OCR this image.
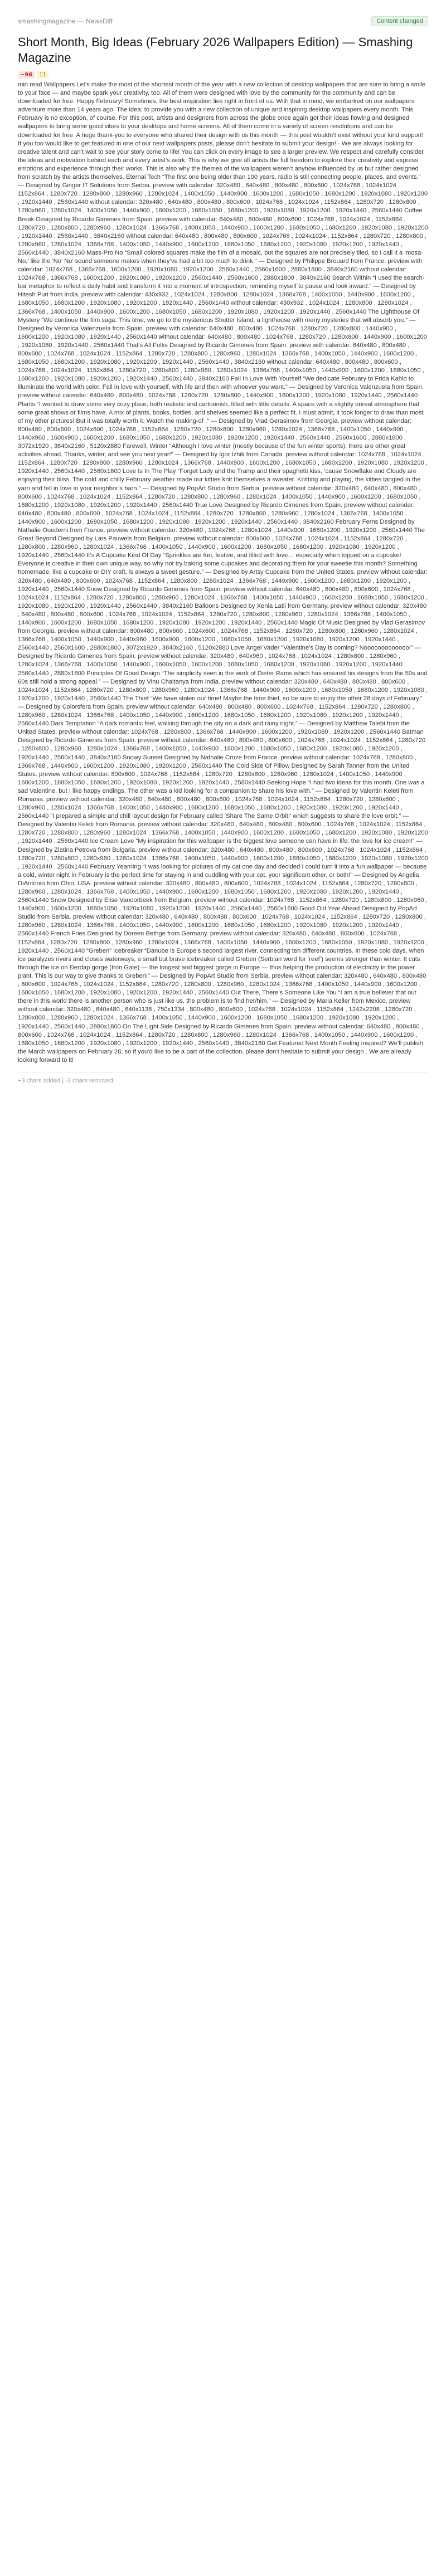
smashingmagazine — NewsDiff	Content changed
Short Month, Big Ideas (February 2026 Wallpapers Edition) — Smashing Magazine
−96	11

min read Wallpapers Let’s make the most of the shortest month of the year with a new collection of desktop wallpapers that are sure to bring a smile to your face — and maybe spark your creativity, too. All of them were designed with love by the community for the community and can be downloaded for free. Happy February! Sometimes, the best inspiration lies right in front of us. With that in mind, we embarked on our wallpapers adventure more than 14 years ago. The idea: to provide you with a new collection of unique and inspiring desktop wallpapers every month. This February is no exception, of course. For this post, artists and designers from across the globe once again got their ideas flowing and designed wallpapers to bring some good vibes to your desktops and home screens. All of them come in a variety of screen resolutions and can be downloaded for free. A huge thank-you to everyone who shared their design with us this month — this post wouldn’t exist without your kind support! If you too would like to get featured in one of our next wallpapers posts, please don’t hesitate to submit your design! · We are always looking for creative talent and can’t wait to see your story come to life! You can click on every image to see a larger preview. We respect and carefully consider the ideas and motivation behind each and every artist’s work. This is why we give all artists the full freedom to explore their creativity and express emotions and experience through their works. This is also why the themes of the wallpapers weren’t anyhow influenced by us but rather designed from scratch by the artists themselves. Eternal Tech “The first one being older than 100 years, radio is still connecting people, places, and events.” — Designed by Ginger IT Solutions from Serbia. preview with calendar: 320x480 , 640x480 , 800x480 , 800x600 , 1024x768 , 1024x1024 , 1152x864 , 1280x720 , 1280x800 , 1280x960 , 1280x1024 , 1400x1050 , 1440x900 , 1600x1200 , 1680x1050 , 1680x1200 , 1920x1080 , 1920x1200 , 1920x1440 , 2560x1440 without calendar: 320x480 , 640x480 , 800x480 , 800x600 , 1024x768 , 1024x1024 , 1152x864 , 1280x720 , 1280x800 , 1280x960 , 1280x1024 , 1400x1050 , 1440x900 , 1600x1200 , 1680x1050 , 1680x1200 , 1920x1080 , 1920x1200 , 1920x1440 , 2560x1440 Coffee Break Designed by Ricardo Gimenes from Spain. preview with calendar: 640x480 , 800x480 , 800x600 , 1024x768 , 1024x1024 , 1152x864 , 1280x720 , 1280x800 , 1280x960 , 1280x1024 , 1366x768 , 1400x1050 , 1440x900 , 1600x1200 , 1680x1050 , 1680x1200 , 1920x1080 , 1920x1200 , 1920x1440 , 2560x1440 , 3840x2160 without calendar: 640x480 , 800x480 , 800x600 , 1024x768 , 1024x1024 , 1152x864 , 1280x720 , 1280x800 , 1280x960 , 1280x1024 , 1366x768 , 1400x1050 , 1440x900 , 1600x1200 , 1680x1050 , 1680x1200 , 1920x1080 , 1920x1200 , 1920x1440 , 2560x1440 , 3840x2160 Mass-Pro No “Small colored squares make the film of a mosaic, but the squares are not precisely tiled, so I call it a ‘mosa-No,’ like the ‘No’ No’ sound someone makes when they’ve had a bit too much to drink.” — Designed by Philippe Brouard from France. preview with calendar: 1024x768 , 1366x768 , 1600x1200 , 1920x1080 , 1920x1200 , 2560x1440 , 2560x1600 , 2880x1800 , 3840x2160 without calendar: 1024x768 , 1366x768 , 1600x1200 , 1920x1080 , 1920x1200 , 2560x1440 , 2560x1600 , 2880x1800 , 3840x2160 Search Within “I used the search-bar metaphor to reflect a daily habit and transform it into a moment of introspection, reminding myself to pause and look inward.” — Designed by Hitesh Puri from India. preview with calendar: 430x932 , 1024x1024 , 1280x800 , 1280x1024 , 1366x768 , 1400x1050 , 1440x900 , 1600x1200 , 1680x1050 , 1680x1200 , 1920x1080 , 1920x1200 , 1920x1440 , 2560x1440 without calendar: 430x932 , 1024x1024 , 1280x800 , 1280x1024 , 1366x768 , 1400x1050 , 1440x900 , 1600x1200 , 1680x1050 , 1680x1200 , 1920x1080 , 1920x1200 , 1920x1440 , 2560x1440 The Lighthouse Of Mystery “We continue the film saga. This time, we go to the mysterious Shutter Island, a lighthouse with many mysteries that will absorb you.” — Designed by Veronica Valenzuela from Spain. preview with calendar: 640x480 , 800x480 , 1024x768 , 1280x720 , 1280x800 , 1440x900 , 1600x1200 , 1920x1080 , 1920x1440 , 2560x1440 without calendar: 640x480 , 800x480 , 1024x768 , 1280x720 , 1280x800 , 1440x900 , 1600x1200 , 1920x1080 , 1920x1440 , 2560x1440 That’s All Folks Designed by Ricardo Gimenes from Spain. preview with calendar: 640x480 , 800x480 , 800x600 , 1024x768 , 1024x1024 , 1152x864 , 1280x720 , 1280x800 , 1280x960 , 1280x1024 , 1366x768 , 1400x1050 , 1440x900 , 1600x1200 , 1680x1050 , 1680x1200 , 1920x1080 , 1920x1200 , 1920x1440 , 2560x1440 , 3840x2160 without calendar: 640x480 , 800x480 , 800x600 , 1024x768 , 1024x1024 , 1152x864 , 1280x720 , 1280x800 , 1280x960 , 1280x1024 , 1366x768 , 1400x1050 , 1440x900 , 1600x1200 , 1680x1050 , 1680x1200 , 1920x1080 , 1920x1200 , 1920x1440 , 2560x1440 , 3840x2160 Fall In Love With Yourself “We dedicate February to Frida Kahlo to illuminate the world with color. Fall in love with yourself, with life and then with whoever you want.” — Designed by Veronica Valenzuela from Spain. preview without calendar: 640x480 , 800x480 , 1024x768 , 1280x720 , 1280x800 , 1440x900 , 1600x1200 , 1920x1080 , 1920x1440 , 2560x1440 Plants “I wanted to draw some very cozy place, both realistic and cartoonish, filled with little details. A space with a slightly unreal atmosphere that some great shows or films have. A mix of plants, books, bottles, and shelves seemed like a perfect fit. I must admit, it took longer to draw than most of my other pictures! But it was totally worth it. Watch the making-of .” — Designed by Vlad Gerasimov from Georgia. preview without calendar: 800x480 , 800x600 , 1024x600 , 1024x768 , 1152x864 , 1280x720 , 1280x800 , 1280x960 , 1280x1024 , 1366x768 , 1400x1050 , 1440x900 , 1440x960 , 1600x900 , 1600x1200 , 1680x1050 , 1680x1200 , 1920x1080 , 1920x1200 , 1920x1440 , 2560x1440 , 2560x1600 , 2880x1800 , 3072x1920 , 3840x2160 , 5120x2880 Farewell, Winter “Although I love winter (mostly because of the fun winter sports), there are other great activities ahead. Thanks, winter, and see you next year!” — Designed by Igor Izhik from Canada. preview without calendar: 1024x768 , 1024x1024 , 1152x864 , 1280x720 , 1280x800 , 1280x960 , 1280x1024 , 1366x768 , 1440x900 , 1600x1200 , 1680x1050 , 1680x1200 , 1920x1080 , 1920x1200 , 1920x1440 , 2560x1440 , 2560x1600 Love Is In The Play “Forget Lady and the Tramp and their spaghetti kiss, ’cause Snowflake and Cloudy are enjoying their bliss. The cold and chilly February weather made our kitties knit themselves a sweater. Knitting and playing, the kitties tangled in the yarn and fell in love in your neighbor’s barn.” — Designed by PopArt Studio from Serbia. preview without calendar: 320x480 , 640x480 , 800x480 , 800x600 , 1024x768 , 1024x1024 , 1152x864 , 1280x720 , 1280x800 , 1280x960 , 1280x1024 , 1400x1050 , 1440x900 , 1600x1200 , 1680x1050 , 1680x1200 , 1920x1080 , 1920x1200 , 1920x1440 , 2560x1440 True Love Designed by Ricardo Gimenes from Spain. preview without calendar: 640x480 , 800x480 , 800x600 , 1024x768 , 1024x1024 , 1152x864 , 1280x720 , 1280x800 , 1280x960 , 1280x1024 , 1366x768 , 1400x1050 , 1440x900 , 1600x1200 , 1680x1050 , 1680x1200 , 1920x1080 , 1920x1200 , 1920x1440 , 2560x1440 , 3840x2160 February Ferns Designed by Nathalie Ouederni from France. preview without calendar: 320x480 , 1024x768 , 1280x1024 , 1440x900 , 1680x1200 , 1920x1200 , 2560x1440 The Great Beyond Designed by Lars Pauwels from Belgium. preview without calendar: 800x600 , 1024x768 , 1024x1024 , 1152x864 , 1280x720 , 1280x800 , 1280x960 , 1280x1024 , 1366x768 , 1400x1050 , 1440x900 , 1600x1200 , 1680x1050 , 1680x1200 , 1920x1080 , 1920x1200 , 1920x1440 , 2560x1440 It’s A Cupcake Kind Of Day “Sprinkles are fun, festive, and filled with love… especially when topped on a cupcake! Everyone is creative in their own unique way, so why not try baking some cupcakes and decorating them for your sweetie this month? Something homemade, like a cupcake or DIY craft, is always a sweet gesture.” — Designed by Artsy Cupcake from the United States. preview without calendar: 320x480 , 640x480 , 800x600 , 1024x768 , 1152x864 , 1280x800 , 1280x1024 , 1366x768 , 1440x900 , 1600x1200 , 1680x1200 , 1920x1200 , 1920x1440 , 2560x1440 Snow Designed by Ricardo Gimenes from Spain. preview without calendar: 640x480 , 800x480 , 800x600 , 1024x768 , 1024x1024 , 1152x864 , 1280x720 , 1280x800 , 1280x960 , 1280x1024 , 1366x768 , 1400x1050 , 1440x900 , 1600x1200 , 1680x1050 , 1680x1200 , 1920x1080 , 1920x1200 , 1920x1440 , 2560x1440 , 3840x2160 Balloons Designed by Xenia Latii from Germany. preview without calendar: 320x480 , 640x480 , 800x480 , 800x600 , 1024x768 , 1024x1024 , 1152x864 , 1280x720 , 1280x800 , 1280x960 , 1280x1024 , 1366x768 , 1400x1050 , 1440x900 , 1600x1200 , 1680x1050 , 1680x1200 , 1920x1080 , 1920x1200 , 1920x1440 , 2560x1440 Magic Of Music Designed by Vlad Gerasimov from Georgia. preview without calendar: 800x480 , 800x600 , 1024x600 , 1024x768 , 1152x864 , 1280x720 , 1280x800 , 1280x960 , 1280x1024 , 1366x768 , 1400x1050 , 1440x900 , 1440x960 , 1600x900 , 1600x1200 , 1680x1050 , 1680x1200 , 1920x1080 , 1920x1200 , 1920x1440 , 2560x1440 , 2560x1600 , 2880x1800 , 3072x1920 , 3840x2160 , 5120x2880 Love Angel Vader “Valentine’s Day is coming? Nooooooooooooo!” — Designed by Ricardo Gimenes from Spain. preview without calendar: 320x480 , 640x960 , 1024x768 , 1024x1024 , 1280x800 , 1280x960 , 1280x1024 , 1366x768 , 1400x1050 , 1440x900 , 1600x1050 , 1600x1200 , 1680x1050 , 1680x1200 , 1920x1080 , 1920x1200 , 1920x1440 , 2560x1440 , 2880x1800 Principles Of Good Design “The simplicity seen in the work of Dieter Rams which has ensured his designs from the 50s and 60s still hold a strong appeal.” — Designed by Vinu Chaitanya from India. preview without calendar: 320x480 , 640x480 , 800x480 , 800x600 , 1024x1024 , 1152x864 , 1280x720 , 1280x800 , 1280x960 , 1280x1024 , 1366x768 , 1440x900 , 1600x1200 , 1680x1050 , 1680x1200 , 1920x1080 , 1920x1200 , 1920x1440 , 2560x1440 The Thief “We have stolen our time! Maybe the time thief, so be sure to enjoy the other 28 days of February.” — Designed by Colorsfera from Spain. preview without calendar: 640x480 , 800x480 , 800x600 , 1024x768 , 1152x864 , 1280x720 , 1280x800 , 1280x960 , 1280x1024 , 1366x768 , 1400x1050 , 1440x900 , 1600x1200 , 1680x1050 , 1680x1200 , 1920x1080 , 1920x1200 , 1920x1440 , 2560x1440 Dark Temptation “A dark romantic feel, walking through the city on a dark and rainy night.” — Designed by Matthew Talebi from the United States. preview without calendar: 1024x768 , 1280x800 , 1366x768 , 1440x900 , 1600x1200 , 1920x1080 , 1920x1200 , 2560x1440 Batman Designed by Ricardo Gimenes from Spain. preview without calendar: 640x480 , 800x480 , 800x600 , 1024x768 , 1024x1024 , 1152x864 , 1280x720 , 1280x800 , 1280x960 , 1280x1024 , 1366x768 , 1400x1050 , 1440x900 , 1600x1200 , 1680x1050 , 1680x1200 , 1920x1080 , 1920x1200 , 1920x1440 , 2560x1440 , 3840x2160 Snowy Sunset Designed by Nathalie Croze from France. preview without calendar: 1024x768 , 1280x800 , 1366x768 , 1440x900 , 1600x1200 , 1920x1080 , 1920x1200 , 2560x1440 The Cold Side Of Pillow Designed by Sarah Tanner from the United States. preview without calendar: 800x600 , 1024x768 , 1152x864 , 1280x720 , 1280x800 , 1280x960 , 1280x1024 , 1400x1050 , 1440x900 , 1600x1200 , 1680x1050 , 1680x1200 , 1920x1080 , 1920x1200 , 1920x1440 , 2560x1440 Seeking Hope “I had two ideas for this month. One was a sad Valentine, but I like happy endings. The other was a kid looking for a companion to share his love with.” — Designed by Valentin Keleti from Romania. preview without calendar: 320x480 , 640x480 , 800x480 , 800x600 , 1024x768 , 1024x1024 , 1152x864 , 1280x720 , 1280x800 , 1280x960 , 1280x1024 , 1366x768 , 1400x1050 , 1440x900 , 1600x1200 , 1680x1050 , 1680x1200 , 1920x1080 , 1920x1200 , 1920x1440 , 2560x1440 “I prepared a simple and chill layout design for February called ‘Share The Same Orbit!’ which suggests to share the love orbit.” — Designed by Valentin Keleti from Romania. preview without calendar: 320x480 , 640x480 , 800x480 , 800x600 , 1024x768 , 1024x1024 , 1152x864 , 1280x720 , 1280x800 , 1280x960 , 1280x1024 , 1366x768 , 1400x1050 , 1440x900 , 1600x1200 , 1680x1050 , 1680x1200 , 1920x1080 , 1920x1200 , 1920x1440 , 2560x1440 Ice Cream Love “My inspiration for this wallpaper is the biggest love someone can have in life: the love for ice cream!” — Designed by Zlatina Petrova from Bulgaria. preview without calendar: 320x480 , 640x480 , 800x480 , 800x600 , 1024x768 , 1024x1024 , 1152x864 , 1280x720 , 1280x800 , 1280x960 , 1280x1024 , 1366x768 , 1400x1050 , 1440x900 , 1600x1200 , 1680x1050 , 1680x1200 , 1920x1080 , 1920x1200 , 1920x1440 , 2560x1440 February Yearning “I was looking for pictures of my cat one day and decided I could turn it into a fun wallpaper — because a cold, winter night in February is the perfect time for staying in and cuddling with your cat, your significant other, or both!” — Designed by Angelia DiAntonio from Ohio, USA. preview without calendar: 320x480 , 800x480 , 800x600 , 1024x768 , 1024x1024 , 1152x864 , 1280x720 , 1280x800 , 1280x960 , 1280x1024 , 1366x768 , 1400x1050 , 1440x900 , 1600x1200 , 1680x1050 , 1680x1200 , 1920x1080 , 1920x1200 , 1920x1440 , 2560x1440 Snow Designed by Elise Vanoorbeek from Belgium. preview without calendar: 1024x768 , 1152x864 , 1280x720 , 1280x800 , 1280x960 , 1440x900 , 1600x1200 , 1680x1050 , 1920x1080 , 1920x1200 , 1920x1440 , 2560x1440 , 2560x1600 Good Old Year Ahead Designed by PopArt Studio from Serbia. preview without calendar: 320x480 , 640x480 , 800x480 , 800x600 , 1024x768 , 1024x1024 , 1152x864 , 1280x720 , 1280x800 , 1280x960 , 1280x1024 , 1366x768 , 1400x1050 , 1440x900 , 1600x1200 , 1680x1050 , 1680x1200 , 1920x1080 , 1920x1200 , 1920x1440 , 2560x1440 French Fries Designed by Doreen Bethge from Germany. preview without calendar: 320x480 , 640x480 , 800x600 , 1024x768 , 1152x864 , 1280x720 , 1280x800 , 1280x960 , 1280x1024 , 1366x768 , 1400x1050 , 1440x900 , 1600x1200 , 1680x1050 , 1920x1080 , 1920x1200 , 1920x1440 , 2560x1440 “Greben” Icebreaker “Danube is Europe’s second largest river, connecting ten different countries. In these cold days, when ice paralyzes rivers and closes waterways, a small but brave icebreaker called Greben (Serbian word for ‘reef’) seems stronger than winter. It cuts through the ice on Đerdap gorge (Iron Gate) — the longest and biggest gorge in Europe — thus helping the production of electricity in the power plant. This is our way to give thanks to Greben!” — Designed by PopArt Studio from Serbia. preview without calendar: 320x480 , 640x480 , 800x480 , 800x600 , 1024x768 , 1024x1024 , 1152x864 , 1280x720 , 1280x800 , 1280x960 , 1280x1024 , 1366x768 , 1400x1050 , 1440x900 , 1600x1200 , 1680x1050 , 1680x1200 , 1920x1080 , 1920x1200 , 1920x1440 , 2560x1440 Out There, There’s Someone Like You “I am a true believer that out there in this world there is another person who is just like us, the problem is to find her/him.” — Designed by Maria Keller from Mexico. preview without calendar: 320x480 , 640x480 , 640x1136 , 750x1334 , 800x480 , 800x600 , 1024x768 , 1024x1024 , 1152x864 , 1242x2208 , 1280x720 , 1280x800 , 1280x960 , 1280x1024 , 1366x768 , 1400x1050 , 1440x900 , 1600x1200 , 1680x1050 , 1680x1200 , 1920x1080 , 1920x1200 , 1920x1440 , 2560x1440 , 2880x1800 On The Light Side Designed by Ricardo Gimenes from Spain. preview without calendar: 640x480 , 800x480 , 800x600 , 1024x768 , 1024x1024 , 1152x864 , 1280x720 , 1280x800 , 1280x960 , 1280x1024 , 1366x768 , 1400x1050 , 1440x900 , 1600x1200 , 1680x1050 , 1680x1200 , 1920x1080 , 1920x1200 , 1920x1440 , 2560x1440 , 3840x2160 Get Featured Next Month Feeling inspired? We’ll publish the March wallpapers on February 28, so if you’d like to be a part of the collection, please don’t hesitate to submit your design . We are already looking forward to it!

+3 chars added | -3 chars removed
